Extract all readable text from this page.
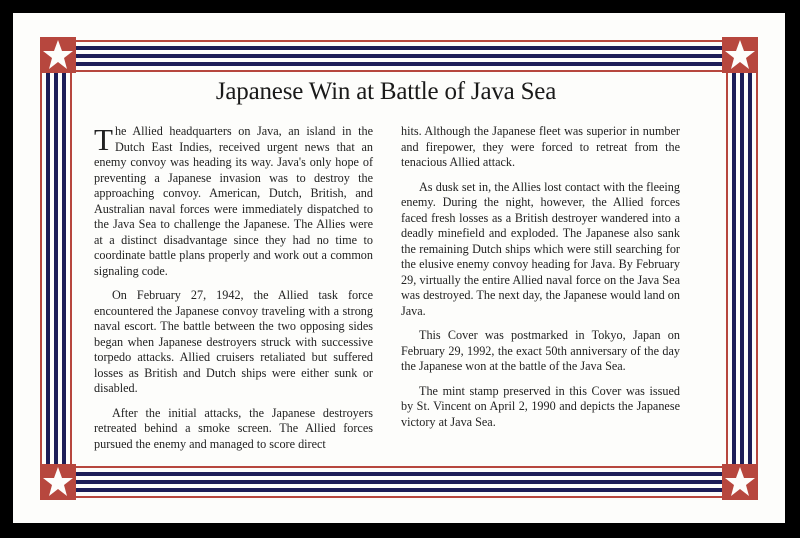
Japanese Win at Battle of Java Sea

The Allied headquarters on Java, an island in the Dutch East Indies, received urgent news that an enemy convoy was heading its way. Java's only hope of preventing a Japanese invasion was to destroy the approaching convoy. American, Dutch, British, and Australian naval forces were immediately dispatched to the Java Sea to challenge the Japanese. The Allies were at a distinct disadvantage since they had no time to coordinate battle plans properly and work out a common signaling code.

On February 27, 1942, the Allied task force encountered the Japanese convoy traveling with a strong naval escort. The battle between the two opposing sides began when Japanese destroyers struck with successive torpedo attacks. Allied cruisers retaliated but suffered losses as British and Dutch ships were either sunk or disabled.

After the initial attacks, the Japanese destroyers retreated behind a smoke screen. The Allied forces pursued the enemy and managed to score direct

hits. Although the Japanese fleet was superior in number and firepower, they were forced to retreat from the tenacious Allied attack.

As dusk set in, the Allies lost contact with the fleeing enemy. During the night, however, the Allied forces faced fresh losses as a British destroyer wandered into a deadly minefield and exploded. The Japanese also sank the remaining Dutch ships which were still searching for the elusive enemy convoy heading for Java. By February 29, virtually the entire Allied naval force on the Java Sea was destroyed. The next day, the Japanese would land on Java.

This Cover was postmarked in Tokyo, Japan on February 29, 1992, the exact 50th anniversary of the day the Japanese won at the battle of the Java Sea.

The mint stamp preserved in this Cover was issued by St. Vincent on April 2, 1990 and depicts the Japanese victory at Java Sea.
